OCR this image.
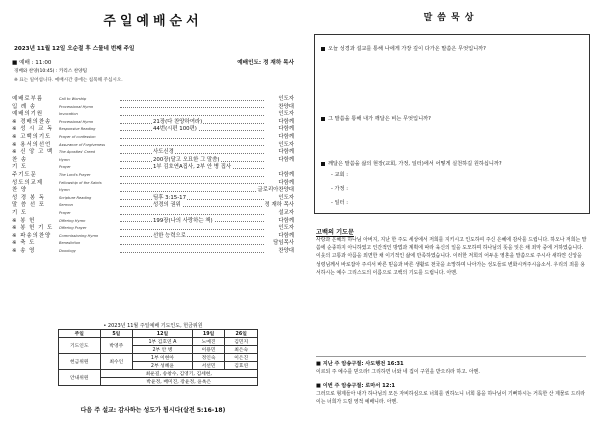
주일예배순서
2023년 11월 12일 오순절 후 스물네 번째 주일
■ 예배 : 11:00	예배인도: 정 재하 목사
경배와 찬양(10:45) : 카리스 찬양팀
※ 표는 일어섭니다. 예배시간 중에는 침묵해 주십시오.
예배로부름	Call to Worship	인도자
입 례 송	Processional Hymn	찬양대
예배의기원	Invocation	인도자
※ 경배의찬송	Processional Hymn	21장(다 찬양하여라)	다함께
※ 성 시 교 독	Responsive Reading	44번(시편 100편)	다함께
※ 고백의기도	Prayer of confession	다함께
※ 용서의선언	Assurance of Forgiveness	인도자
※ 신 앙 고 백	The Apostles' Creed	사도신경	다함께
찬 송	Hymn	200장(달고 오묘한 그 말씀)	다함께
기 도	Prayer	1부 김호연A집사, 2부 안 병 집사
주기도문	The Lord's Prayer	다함께
성도의교제	Fellowship of the Saints	다함께
찬 양	Hymn	글로리아찬양대
성 경 봉 독	Scripture Reading	딤후 3:15-17	인도자
말 씀 선 포	Sermon	성경의 권위	정 재하 목사
기 도	Prayer	설교자
※ 봉 헌	Offering Hymn	199장(나의 사랑하는 책)	다함께
※ 봉 헌 기 도	Offering Prayer	인도자
※ 파송의찬양	Commissioning Hymn	선한 능력으로	다함께
※ 축 도	Benediction	담임목사
※ 송 영	Doxology	찬양대
• 2023년 11월 주일예배 기도인도, 헌금위원
주일	5일	12일	19일	26일
기도인도	박영주	1부 김호연 A	노예진	김민지
		2부 안 병	이용민	최은숙
헌금위원	최수인	1부 이현아	정인숙	이은진
		2부 성혜윤	서선민	김효연
안내위원	최운길, 송창수, 김영기, 김세현,			
	박윤정, 배미진, 장윤정, 윤옥은			
다음 주 설교: 감사하는 성도가 됩시다(살전 5:16-18)
말씀묵상
오늘 성경과 설교를 통해 나에게 가장 깊이 다가온 말씀은 무엇입니까?
그 말씀을 통해 내가 깨달은 비는 무엇입니까?
깨달은 말씀을 삶의 현장(교회, 가정, 일터)에서 어떻게 실천하길 원하십니까?
- 교회 :
- 가정 :
- 일터 :
고백의 기도문
사랑과 은혜의 하나님 아버지, 지난 한 주도 세상에서 저희를 지키시고 인도하여 주신 은혜에 감사를 드립니다. 하오나 저희는 말씀에 순종하지 아니하였고 인간적인 방법과 계획에 따라 육신의 일을 도모하며 하나님의 뜻을 잊은 채 죄악 중에 거하였습니다. 이웃의 고통과 아픔을 외면한 채 이기적인 삶에 만족하였습니다. 이러한 저희의 어두운 영혼을 말씀으로 주시사 새하얀 신앙을 성령님께서 바로잡아 주셔서 바른 믿음과 바른 생활로 천국을 소망하며 나아가는 성도들로 변화시켜주시옵소서. 우리의 죄를 용서하시는 예수 그리스도의 이름으로 고백의 기도를 드립니다. 아멘.
■ 지난 주 암송구절: 사도행전 16:31
이르되 주 예수를 믿으라! 그리하면 너와 네 집이 구원을 받으리라 하고. 아멘.
■ 이번 주 암송구절: 로마서 12:1
그러므로 형제들아 내가 하나님의 모든 자비하심으로 너희를 권하노니 너희 몸을 하나님이 기뻐하시는 거룩한 산 제물로 드리라 이는 너희가 드릴 영적 예배니라. 아멘.
